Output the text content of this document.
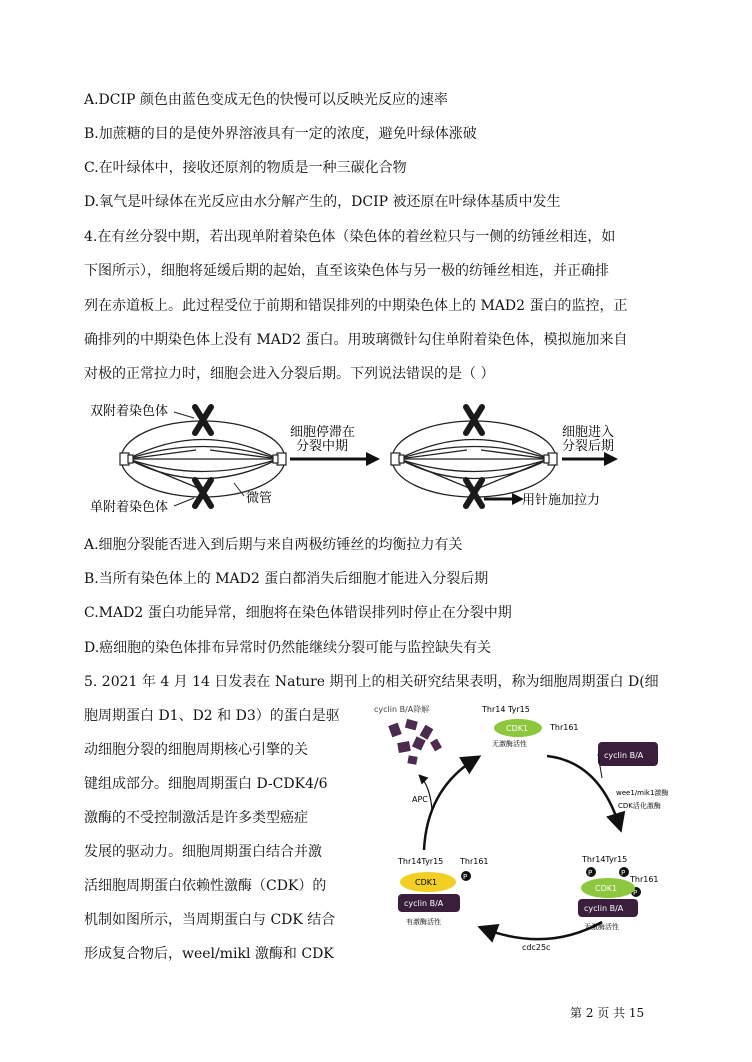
A.DCIP 颜色由蓝色变成无色的快慢可以反映光反应的速率
B.加蔗糖的目的是使外界溶液具有一定的浓度，避免叶绿体涨破
C.在叶绿体中，接收还原剂的物质是一种三碳化合物
D.氧气是叶绿体在光反应由水分解产生的，DCIP 被还原在叶绿体基质中发生
4.在有丝分裂中期，若出现单附着染色体（染色体的着丝粒只与一侧的纺锤丝相连，如
下图所示），细胞将延缓后期的起始，直至该染色体与另一极的纺锤丝相连，并正确排
列在赤道板上。此过程受位于前期和错误排列的中期染色体上的 MAD2 蛋白的监控，正
确排列的中期染色体上没有 MAD2 蛋白。用玻璃微针勾住单附着染色体，模拟施加来自
对极的正常拉力时，细胞会进入分裂后期。下列说法错误的是（ ）
双附着染色体
单附着染色体
微管
细胞停滞在
分裂中期
用针施加拉力
细胞进入
分裂后期
A.细胞分裂能否进入到后期与来自两极纺锤丝的均衡拉力有关
B.当所有染色体上的 MAD2 蛋白都消失后细胞才能进入分裂后期
C.MAD2 蛋白功能异常，细胞将在染色体错误排列时停止在分裂中期
D.癌细胞的染色体排布异常时仍然能继续分裂可能与监控缺失有关
5. 2021 年 4 月 14 日发表在 Nature 期刊上的相关研究结果表明，称为细胞周期蛋白 D(细
胞周期蛋白 D1、D2 和 D3）的蛋白是驱
动细胞分裂的细胞周期核心引擎的关
键组成部分。细胞周期蛋白 D-CDK4/6
激酶的不受控制激活是许多类型癌症
发展的驱动力。细胞周期蛋白结合并激
活细胞周期蛋白依赖性激酶（CDK）的
机制如图所示，当周期蛋白与 CDK 结合
形成复合物后，weel/mikl 激酶和 CDK
cyclin B/A降解	Thr14 Tyr15
CDK1	Thr161
无激酶活性
cyclin B/A
wee1/mik1激酶
CDK活化激酶
Thr14Tyr15
P	P
Thr161
P
CDK1
cyclin B/A
无激酶活性
Thr14Tyr15 Thr161
P
CDK1
cyclin B/A
有激酶活性
cdc25c
APC
第 2 页 共 15
